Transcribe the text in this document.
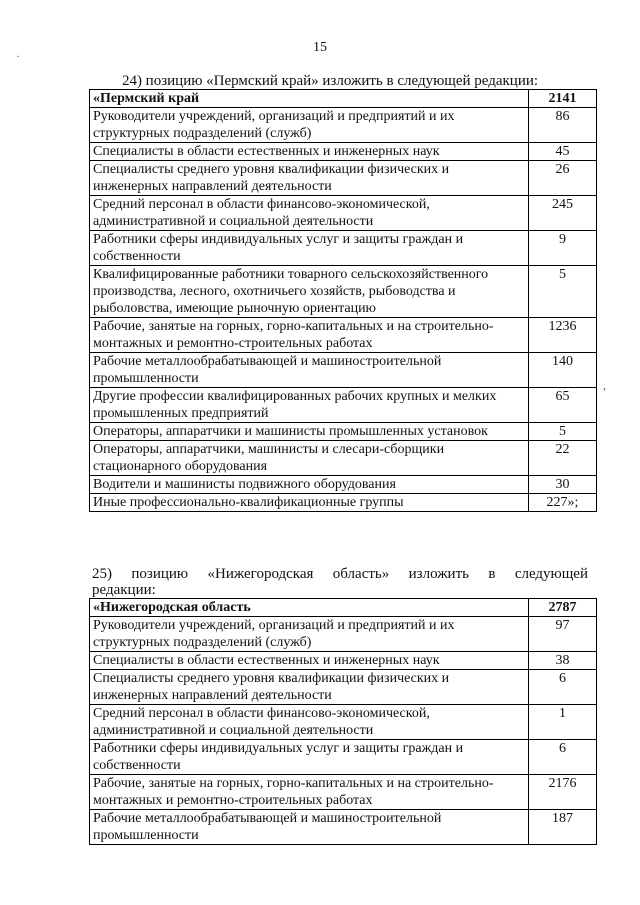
15
24) позицию «Пермский край» изложить в следующей редакции:
«Пермский край	2141
Руководители учреждений, организаций и предприятий и их структурных подразделений (служб)	86
Специалисты в области естественных и инженерных наук	45
Специалисты среднего уровня квалификации физических и инженерных направлений деятельности	26
Средний персонал в области финансово-экономической, административной и социальной деятельности	245
Работники сферы индивидуальных услуг и защиты граждан и собственности	9
Квалифицированные работники товарного сельскохозяйственного производства, лесного, охотничьего хозяйств, рыбоводства и рыболовства, имеющие рыночную ориентацию	5
Рабочие, занятые на горных, горно-капитальных и на строительно-монтажных и ремонтно-строительных работах	1236
Рабочие металлообрабатывающей и машиностроительной промышленности	140
Другие профессии квалифицированных рабочих крупных и мелких промышленных предприятий	65
Операторы, аппаратчики и машинисты промышленных установок	5
Операторы, аппаратчики, машинисты и слесари-сборщики стационарного оборудования	22
Водители и машинисты подвижного оборудования	30
Иные профессионально-квалификационные группы	227»;
25) позицию «Нижегородская область» изложить в следующей
редакции:
«Нижегородская область	2787
Руководители учреждений, организаций и предприятий и их структурных подразделений (служб)	97
Специалисты в области естественных и инженерных наук	38
Специалисты среднего уровня квалификации физических и инженерных направлений деятельности	6
Средний персонал в области финансово-экономической, административной и социальной деятельности	1
Работники сферы индивидуальных услуг и защиты граждан и собственности	6
Рабочие, занятые на горных, горно-капитальных и на строительно-монтажных и ремонтно-строительных работах	2176
Рабочие металлообрабатывающей и машиностроительной промышленности	187
·
,
